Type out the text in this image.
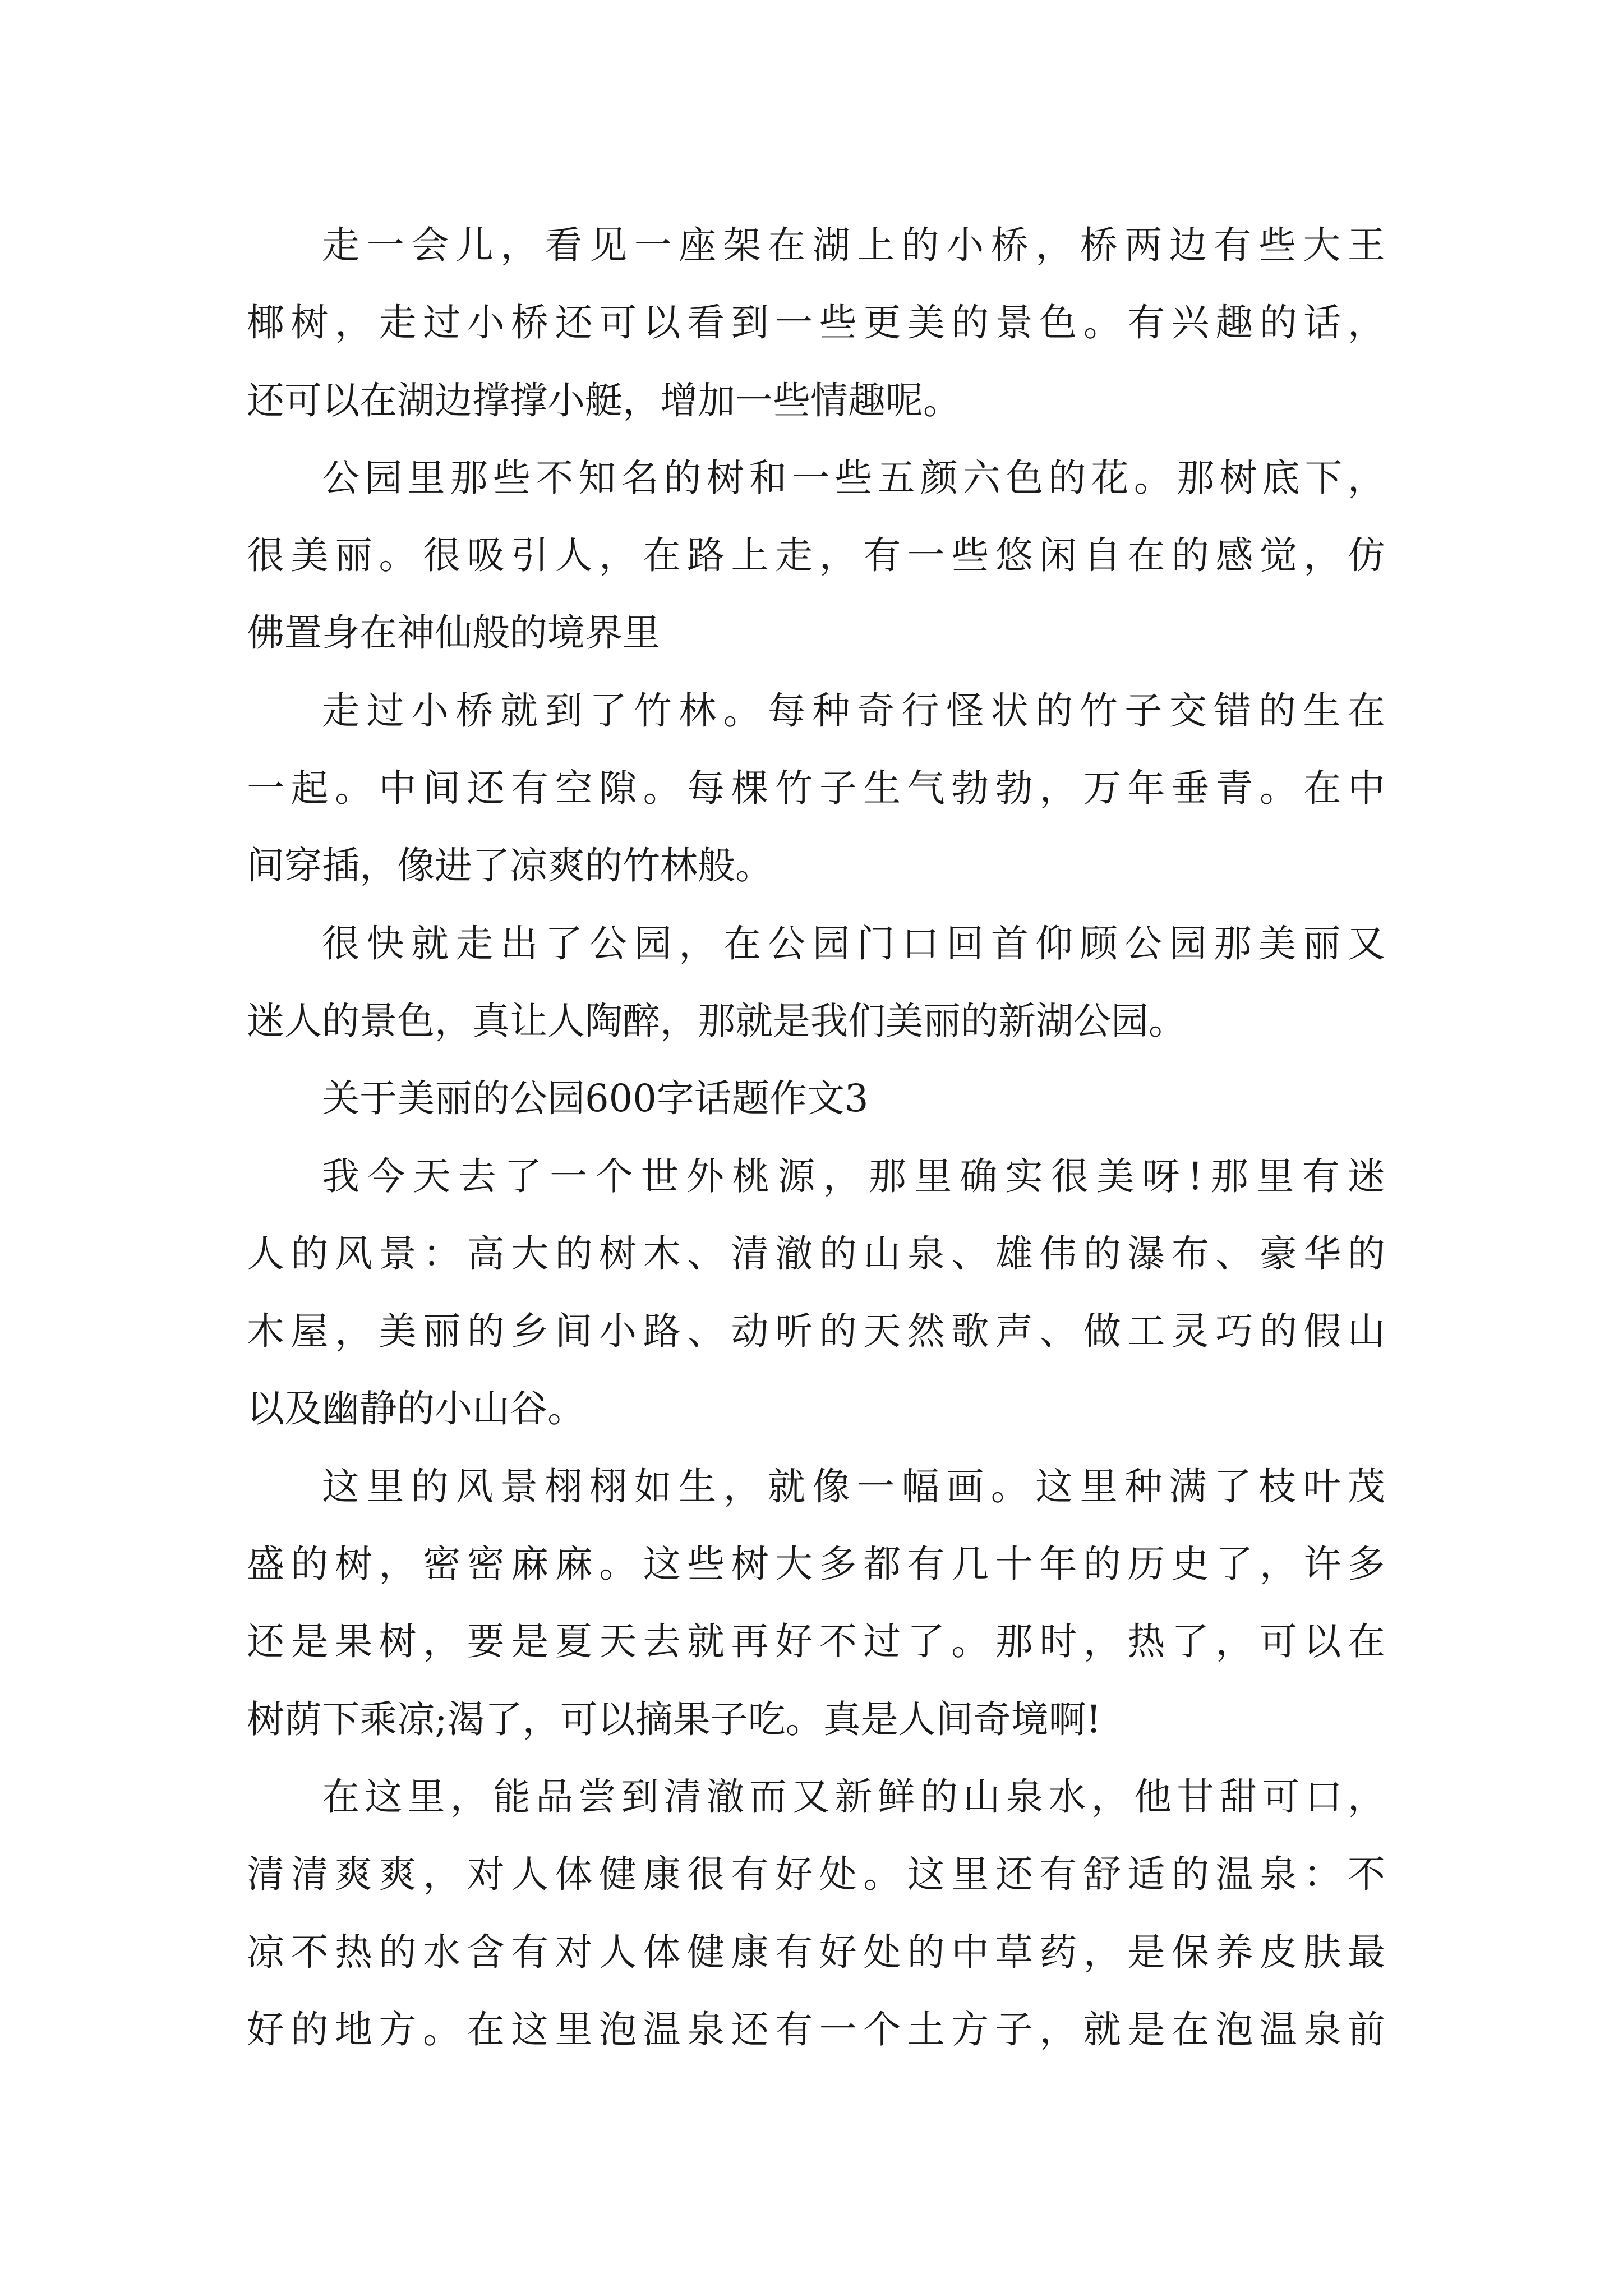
走 一 会 儿 ， 看 见 一 座 架 在 湖 上 的 小 桥 ， 桥 两 边 有 些 大 王
椰 树 ， 走 过 小 桥 还 可 以 看 到 一 些 更 美 的 景 色 。 有 兴 趣 的 话 ，
还可以在湖边撑撑小艇，增加一些情趣呢。
公 园 里 那 些 不 知 名 的 树 和 一 些 五 颜 六 色 的 花 。 那 树 底 下 ，
很 美 丽 。 很 吸 引 人 ， 在 路 上 走 ， 有 一 些 悠 闲 自 在 的 感 觉 ， 仿
佛置身在神仙般的境界里
走 过 小 桥 就 到 了 竹 林 。 每 种 奇 行 怪 状 的 竹 子 交 错 的 生 在
一 起 。 中 间 还 有 空 隙 。 每 棵 竹 子 生 气 勃 勃 ， 万 年 垂 青 。 在 中
间穿插，像进了凉爽的竹林般。
很 快 就 走 出 了 公 园 ， 在 公 园 门 口 回 首 仰 顾 公 园 那 美 丽 又
迷人的景色，真让人陶醉，那就是我们美丽的新湖公园。
关于美丽的公园600字话题作文3
我 今 天 去 了 一 个 世 外 桃 源 ， 那 里 确 实 很 美 呀 ! 那 里 有 迷
人 的 风 景 ： 高 大 的 树 木 、 清 澈 的 山 泉 、 雄 伟 的 瀑 布 、 豪 华 的
木 屋 ， 美 丽 的 乡 间 小 路 、 动 听 的 天 然 歌 声 、 做 工 灵 巧 的 假 山
以及幽静的小山谷。
这 里 的 风 景 栩 栩 如 生 ， 就 像 一 幅 画 。 这 里 种 满 了 枝 叶 茂
盛 的 树 ， 密 密 麻 麻 。 这 些 树 大 多 都 有 几 十 年 的 历 史 了 ， 许 多
还 是 果 树 ， 要 是 夏 天 去 就 再 好 不 过 了 。 那 时 ， 热 了 ， 可 以 在
树荫下乘凉;渴了，可以摘果子吃。真是人间奇境啊!
在 这 里 ， 能 品 尝 到 清 澈 而 又 新 鲜 的 山 泉 水 ， 他 甘 甜 可 口 ，
清 清 爽 爽 ， 对 人 体 健 康 很 有 好 处 。 这 里 还 有 舒 适 的 温 泉 ： 不
凉 不 热 的 水 含 有 对 人 体 健 康 有 好 处 的 中 草 药 ， 是 保 养 皮 肤 最
好 的 地 方 。 在 这 里 泡 温 泉 还 有 一 个 土 方 子 ， 就 是 在 泡 温 泉 前
